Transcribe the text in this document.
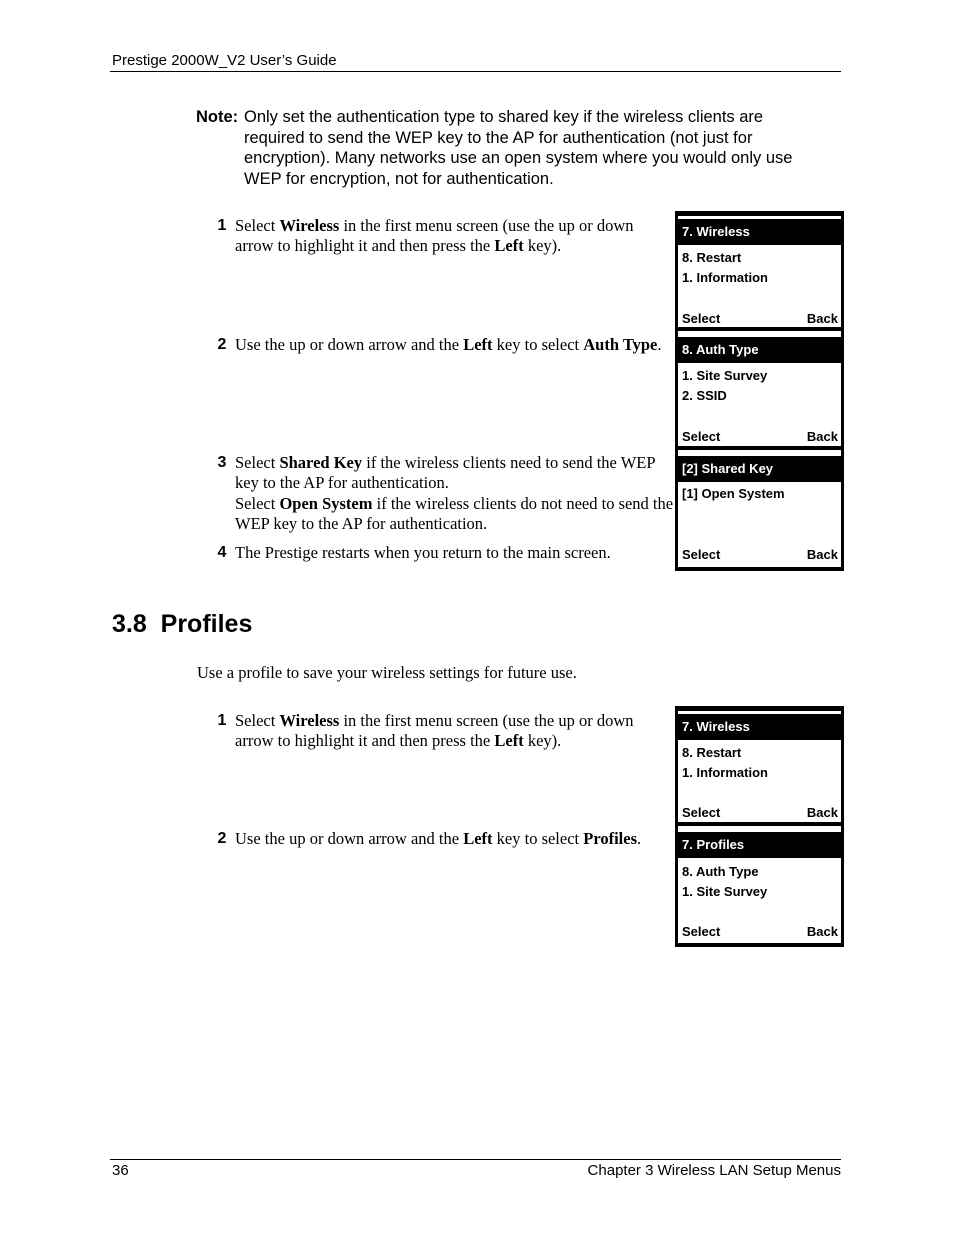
Prestige 2000W_V2 User’s Guide
Note: Only set the authentication type to shared key if the wireless clients are
required to send the WEP key to the AP for authentication (not just for
encryption). Many networks use an open system where you would only use
WEP for encryption, not for authentication.
1 Select Wireless in the first menu screen (use the up or down arrow to highlight it and then press the Left key).
2 Use the up or down arrow and the Left key to select Auth Type.
3 Select Shared Key if the wireless clients need to send the WEP key to the AP for authentication.
Select Open System if the wireless clients do not need to send the WEP key to the AP for authentication.
4 The Prestige restarts when you return to the main screen.
7. Wireless
8. Restart
1. Information
Select	Back
8. Auth Type
1. Site Survey
2. SSID
Select	Back
[2] Shared Key
[1] Open System
Select	Back
3.8  Profiles
Use a profile to save your wireless settings for future use.
1 Select Wireless in the first menu screen (use the up or down arrow to highlight it and then press the Left key).
2 Use the up or down arrow and the Left key to select Profiles.
7. Wireless
8. Restart
1. Information
Select	Back
7. Profiles
8. Auth Type
1. Site Survey
Select	Back
36	Chapter 3 Wireless LAN Setup Menus
